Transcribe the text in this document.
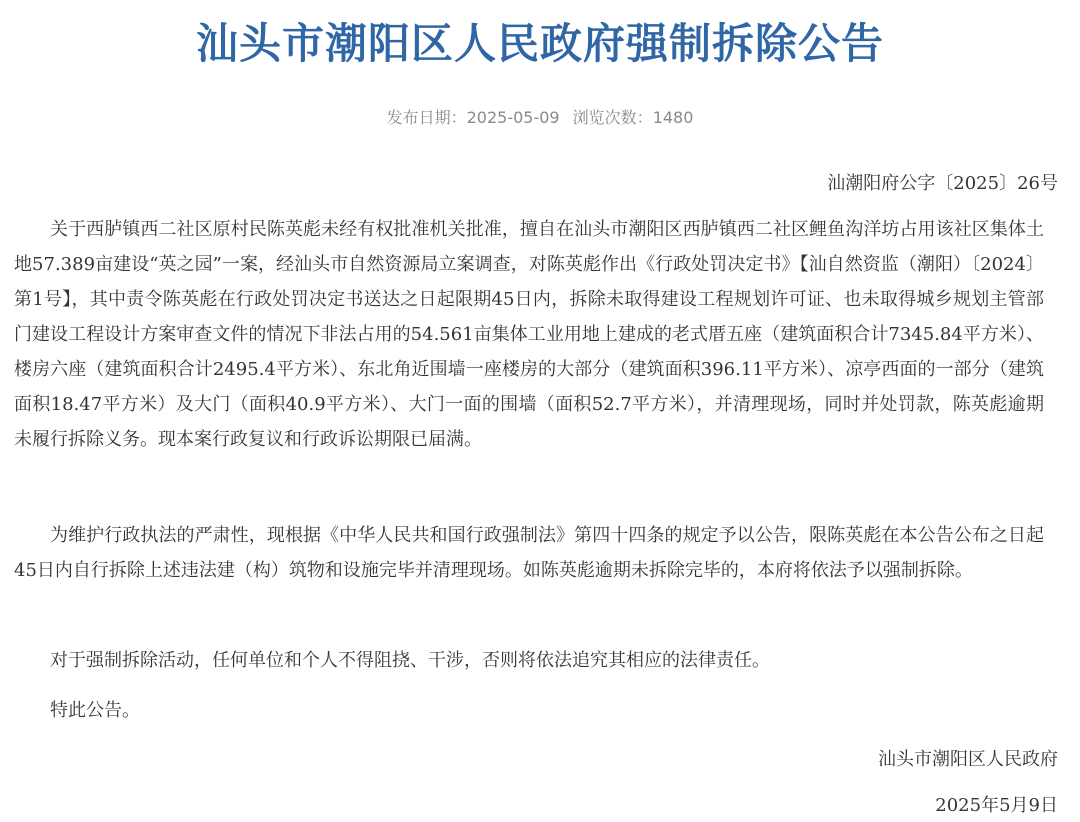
汕头市潮阳区人民政府强制拆除公告
发布日期：2025-05-09 浏览次数：1480
汕潮阳府公字〔2025〕26号

关于西胪镇西二社区原村民陈英彪未经有权批准机关批准，擅自在汕头市潮阳区西胪镇西二社区鲤鱼沟洋坊占用该社区集体土地57.389亩建设“英之园”一案，经汕头市自然资源局立案调查，对陈英彪作出《行政处罚决定书》【汕自然资监（潮阳）〔2024〕第1号】，其中责令陈英彪在行政处罚决定书送达之日起限期45日内，拆除未取得建设工程规划许可证、也未取得城乡规划主管部门建设工程设计方案审查文件的情况下非法占用的54.561亩集体工业用地上建成的老式厝五座（建筑面积合计7345.84平方米）、楼房六座（建筑面积合计2495.4平方米）、东北角近围墙一座楼房的大部分（建筑面积396.11平方米）、凉亭西面的一部分（建筑面积18.47平方米）及大门（面积40.9平方米）、大门一面的围墙（面积52.7平方米），并清理现场，同时并处罚款，陈英彪逾期未履行拆除义务。现本案行政复议和行政诉讼期限已届满。

为维护行政执法的严肃性，现根据《中华人民共和国行政强制法》第四十四条的规定予以公告，限陈英彪在本公告公布之日起45日内自行拆除上述违法建（构）筑物和设施完毕并清理现场。如陈英彪逾期未拆除完毕的，本府将依法予以强制拆除。

对于强制拆除活动，任何单位和个人不得阻挠、干涉，否则将依法追究其相应的法律责任。

特此公告。

汕头市潮阳区人民政府
2025年5月9日
